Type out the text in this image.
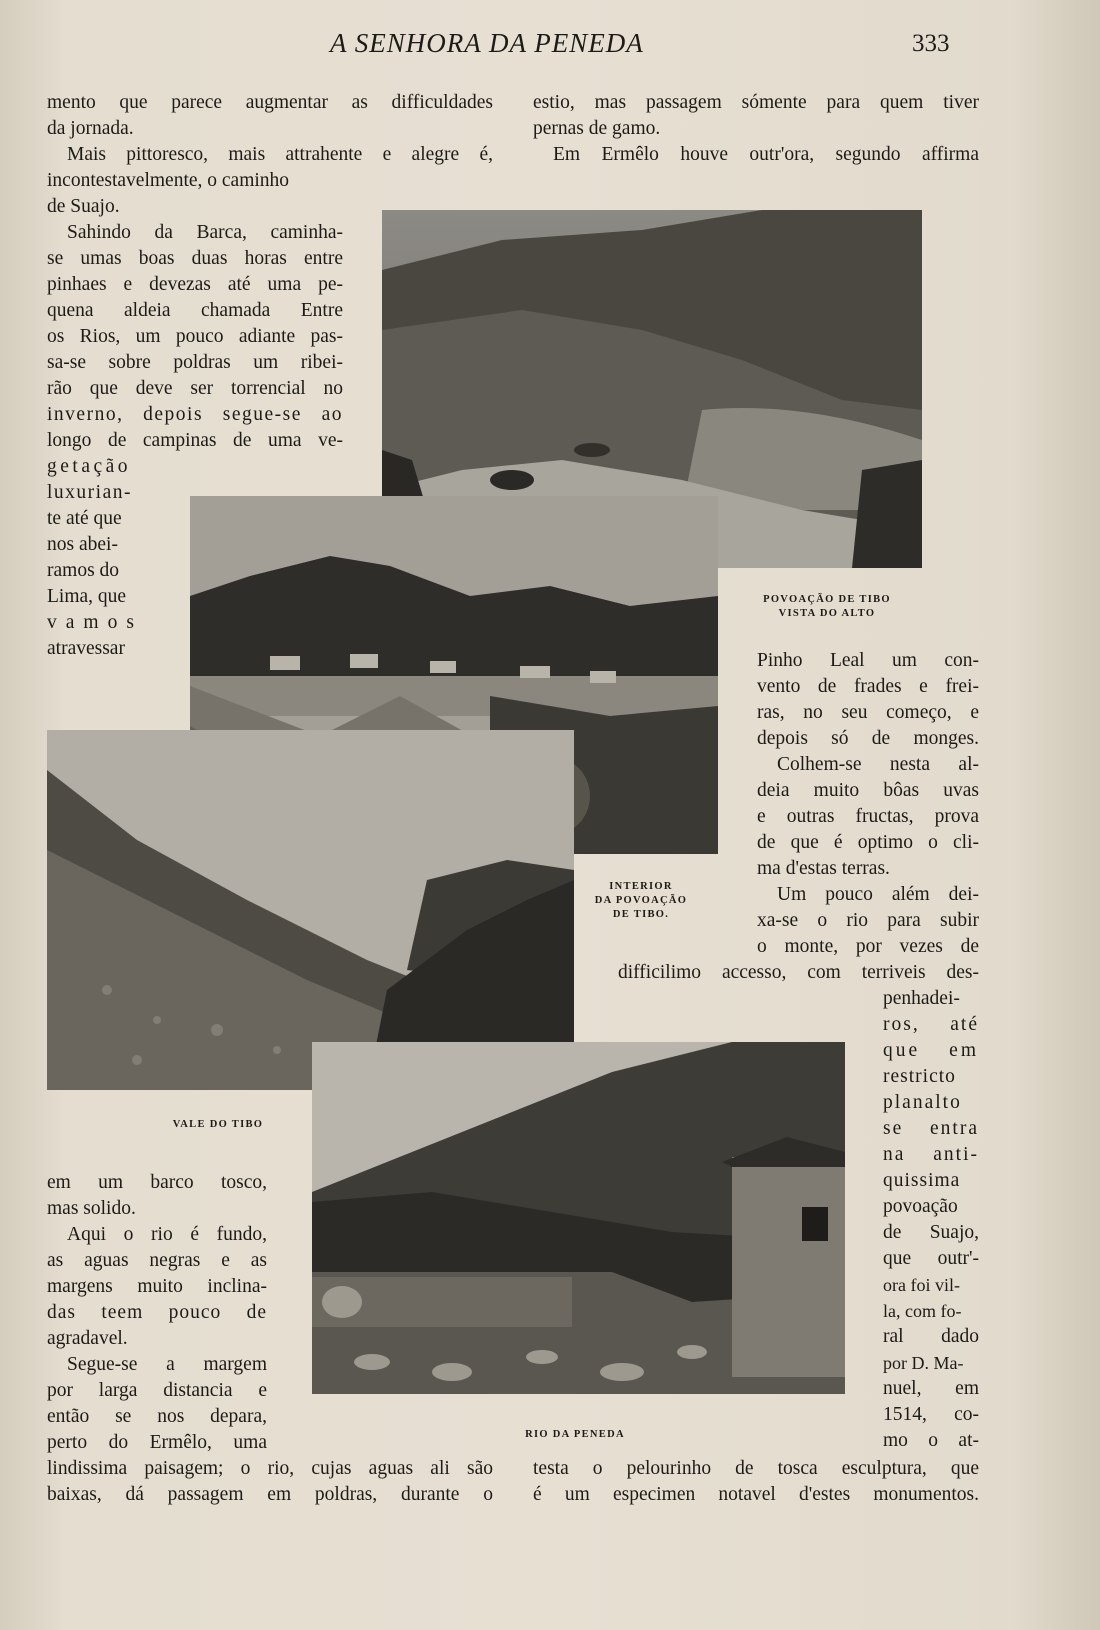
A SENHORA DA PENEDA	333
mento que parece augmentar as difficuldades
da jornada.
Mais pittoresco, mais attrahente e alegre é,
incontestavelmente, o caminho
de Suajo.
Sahindo da Barca, caminha-
se umas boas duas horas entre
pinhaes e devezas até uma pe-
quena aldeia chamada Entre
os Rios, um pouco adiante pas-
sa-se sobre poldras um ribei-
rão que deve ser torrencial no
inverno, depois segue-se ao
longo de campinas de uma ve-
getação
luxurian-
te até que
nos abei-
ramos do
Lima, que
vamos
atravessar
em um barco tosco,
mas solido.
Aqui o rio é fundo,
as aguas negras e as
margens muito inclina-
das teem pouco de
agradavel.
Segue-se a margem
por larga distancia e
então se nos depara,
perto do Ermêlo, uma
lindissima paisagem; o rio, cujas aguas ali são
baixas, dá passagem em poldras, durante o
estio, mas passagem sómente para quem tiver
pernas de gamo.
Em Ermêlo houve outr'ora, segundo affirma
Pinho Leal um con-
vento de frades e frei-
ras, no seu começo, e
depois só de monges.
Colhem-se nesta al-
deia muito bôas uvas
e outras fructas, prova
de que é optimo o cli-
ma d'estas terras.
Um pouco além dei-
xa-se o rio para subir
o monte, por vezes de
difficilimo accesso, com terriveis des-
penhadei-
ros, até
que em
restricto
planalto
se entra
na anti-
quissima
povoação
de Suajo,
que outr'-
ora foi vil-
la, com fo-
ral dado
por D. Ma-
nuel, em
1514, co-
mo o at-
testa o pelourinho de tosca esculptura, que
é um especimen notavel d'estes monumentos.
POVOAÇÃO DE TIBO
VISTA DO ALTO
INTERIOR
DA POVOAÇÃO
DE TIBO.
VALE DO TIBO
RIO DA PENEDA
